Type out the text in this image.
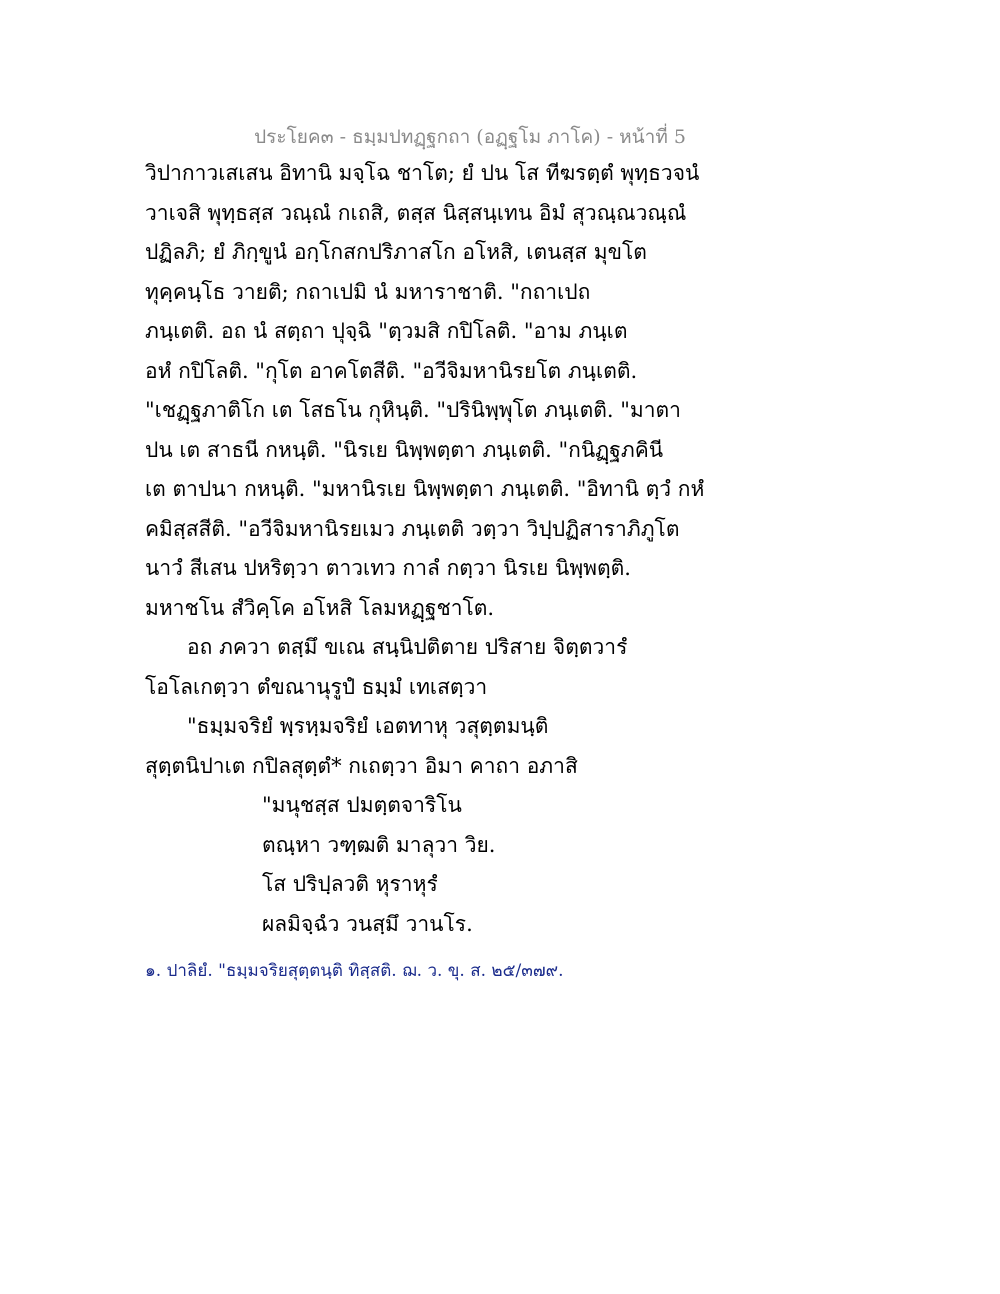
ประโยค๓ - ธมฺมปทฏฺฐกถา (อฏฺฐโม ภาโค) - หน้าที่ 5
วิปากาวเสเสน อิทานิ มจฺโฉ ชาโต; ยํ ปน โส ทีฆรตฺตํ พุทฺธวจนํ
วาเจสิ พุทฺธสฺส วณฺณํ กเถสิ, ตสฺส นิสฺสนฺเทน อิมํ สุวณฺณวณฺณํ
ปฏิลภิ; ยํ ภิกฺขูนํ อกฺโกสกปริภาสโก อโหสิ, เตนสฺส มุขโต
ทุคฺคนฺโธ วายติ; กถาเปมิ นํ มหาราชาติ. "กถาเปถ
ภนฺเตติ. อถ นํ สตฺถา ปุจฺฉิ "ตฺวมสิ กปิโลติ. "อาม ภนฺเต
อหํ กปิโลติ. "กุโต อาคโตสีติ. "อวีจิมหานิรยโต ภนฺเตติ.
"เชฏฺฐภาติโก เต โสธโน กุหินฺติ. "ปรินิพฺพุโต ภนฺเตติ. "มาตา
ปน เต สาธนี กหนฺติ. "นิรเย นิพฺพตฺตา ภนฺเตติ. "กนิฏฺฐภคินี
เต ตาปนา กหนฺติ. "มหานิรเย นิพฺพตฺตา ภนฺเตติ. "อิทานิ ตฺวํ กหํ
คมิสฺสสีติ. "อวีจิมหานิรยเมว ภนฺเตติ วตฺวา วิปฺปฏิสาราภิภูโต
นาวํ สีเสน ปหริตฺวา ตาวเทว กาลํ กตฺวา นิรเย นิพฺพตฺติ.
มหาชโน สํวิคฺโค อโหสิ โลมหฏฺฐชาโต.
อถ ภควา ตสฺมึ ขเณ สนฺนิปติตาย ปริสาย จิตฺตวารํ
โอโลเกตฺวา ตํขณานุรูปํ ธมฺมํ เทเสตฺวา
"ธมฺมจริยํ พฺรหฺมจริยํ เอตทาหุ วสุตฺตมนฺติ
สุตฺตนิปาเต กปิลสุตฺตํ* กเถตฺวา อิมา คาถา อภาสิ
"มนุชสฺส ปมตฺตจาริโน
ตณฺหา วฑฺฒติ มาลุวา วิย.
โส ปริปฺลวติ หุราหุรํ
ผลมิจฺฉํว วนสฺมึ วานโร.
๑. ปาลิยํ. "ธมฺมจริยสุตฺตนฺติ ทิสฺสติ. ฌ. ว. ขุ. ส. ๒๕/๓๗๙.
